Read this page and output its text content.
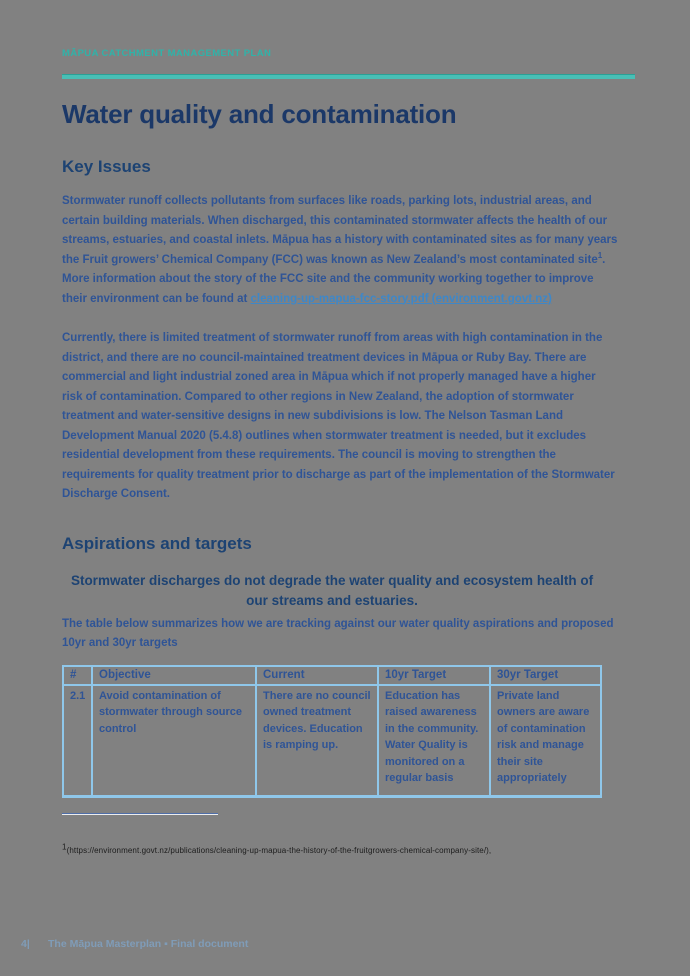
MĀPUA CATCHMENT MANAGEMENT PLAN
Water quality and contamination
Key Issues

Stormwater runoff collects pollutants from surfaces like roads, parking lots, industrial areas, and certain building materials. When discharged, this contaminated stormwater affects the health of our streams, estuaries, and coastal inlets. Māpua has a history with contaminated sites as for many years the Fruit growers’ Chemical Company (FCC) was known as New Zealand’s most contaminated site$^1$. More information about the story of the FCC site and the community working together to improve their environment can be found at cleaning-up-mapua-fcc-story.pdf (environment.govt.nz)

Currently, there is limited treatment of stormwater runoff from areas with high contamination in the district, and there are no council-maintained treatment devices in Māpua or Ruby Bay. There are commercial and light industrial zoned area in Māpua which if not properly managed have a higher risk of contamination. Compared to other regions in New Zealand, the adoption of stormwater treatment and water-sensitive designs in new subdivisions is low. The Nelson Tasman Land Development Manual 2020 (5.4.8) outlines when stormwater treatment is needed, but it excludes residential development from these requirements. The council is moving to strengthen the requirements for quality treatment prior to discharge as part of the implementation of the Stormwater Discharge Consent.

Aspirations and targets
Stormwater discharges do not degrade the water quality and ecosystem health of our streams and estuaries.

The table below summarizes how we are tracking against our water quality aspirations and proposed 10yr and 30yr targets

#	Objective	Current	10yr Target	30yr Target
2.1	Avoid contamination of stormwater through source control	There are no council owned treatment devices. Education is ramping up.	Education has raised awareness in the community. Water Quality is monitored on a regular basis	Private land owners are aware of contamination risk and manage their site appropriately
$^1$(https://environment.govt.nz/publications/cleaning-up-mapua-the-history-of-the-fruitgrowers-chemical-company-site/),
4| The Māpua Masterplan ▪ Final document
